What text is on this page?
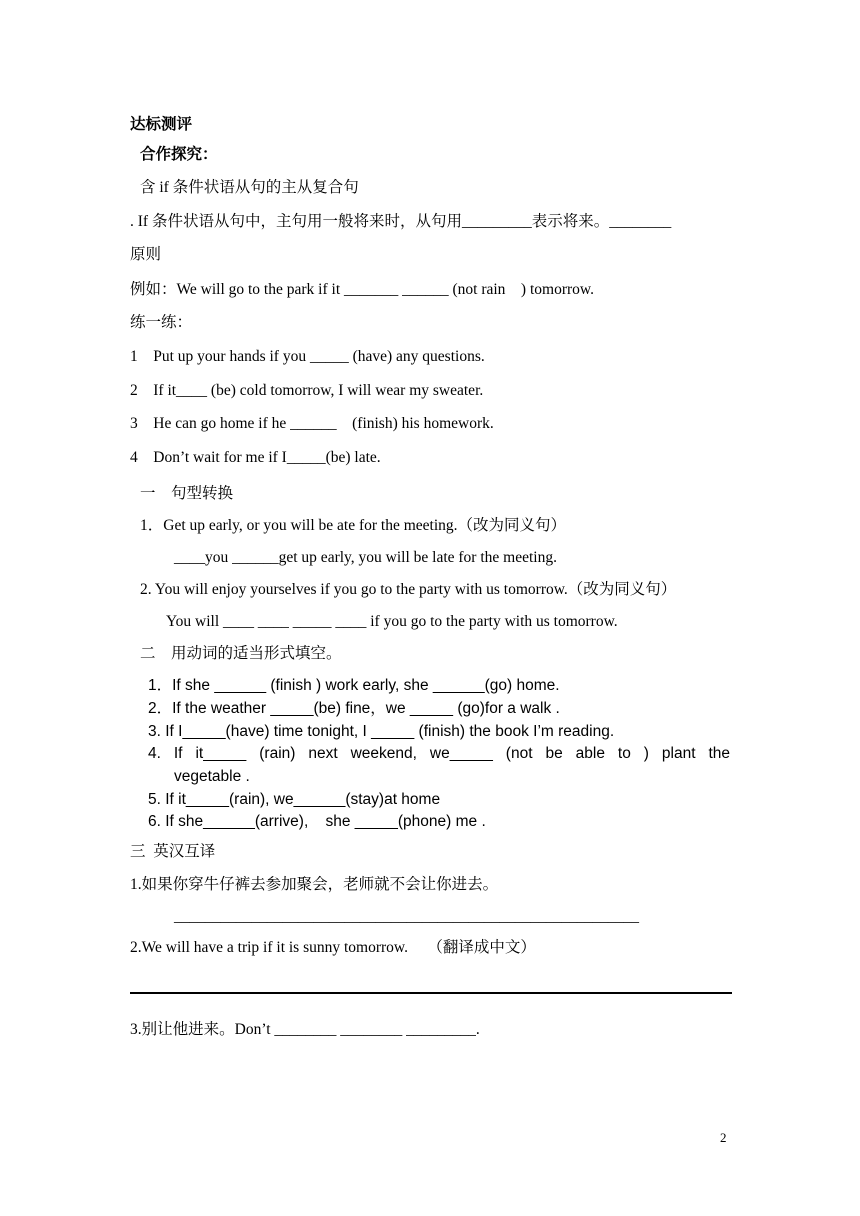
达标测评
合作探究：
含 if 条件状语从句的主从复合句
. If 条件状语从句中，主句用一般将来时，从句用_________表示将来。________
原则
例如：We will go to the park if it _______ ______ (not rain    ) tomorrow.
练一练：
1    Put up your hands if you _____ (have) any questions.
2    If it____ (be) cold tomorrow, I will wear my sweater.
3    He can go home if he ______    (finish) his homework.
4    Don’t wait for me if I_____(be) late.
一    句型转换
1．Get up early, or you will be ate for the meeting.（改为同义句）
____you ______get up early, you will be late for the meeting.
2. You will enjoy yourselves if you go to the party with us tomorrow.（改为同义句）
You will ____ ____ _____ ____ if you go to the party with us tomorrow.
二    用动词的适当形式填空。
1．If she ______ (finish ) work early, she ______(go) home.
2．If the weather _____(be) fine，we _____ (go)for a walk .
3. If I_____(have) time tonight, I _____ (finish) the book I’m reading.
4. If it_____ (rain) next weekend, we_____ (not be able to ) plant the
vegetable .
5. If it_____(rain), we______(stay)at home
6. If she______(arrive),    she _____(phone) me .
三  英汉互译
1.如果你穿牛仔裤去参加聚会，老师就不会让你进去。
____________________________________________________________
2.We will have a trip if it is sunny tomorrow.     （翻译成中文）
3.别让他进来。Don’t ________ ________ _________.
2
